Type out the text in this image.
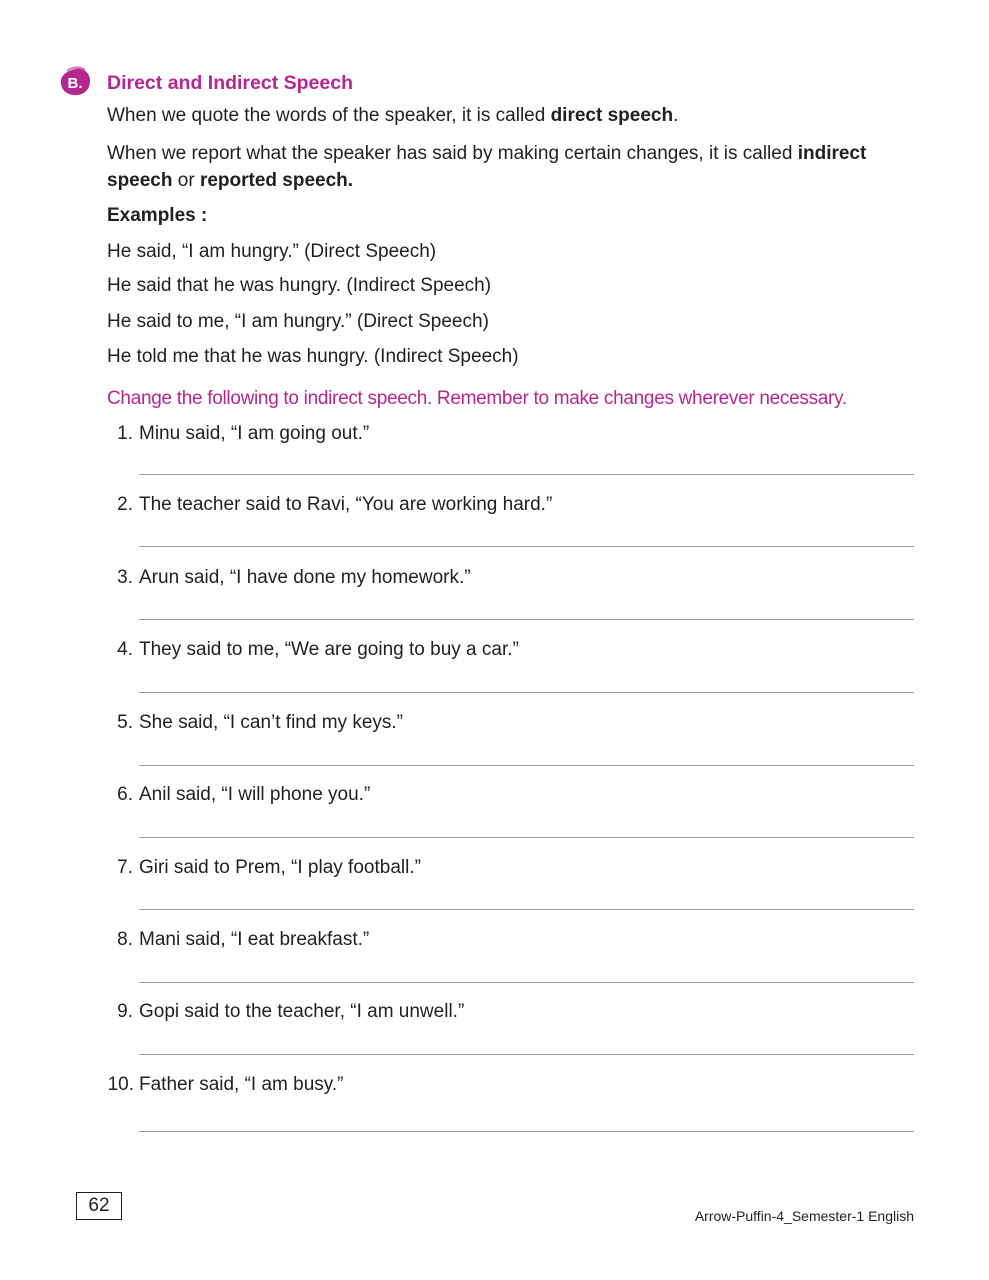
B. Direct and Indirect Speech
When we quote the words of the speaker, it is called direct speech.
When we report what the speaker has said by making certain changes, it is called indirect speech or reported speech.
Examples :
He said, “I am hungry.” (Direct Speech)
He said that he was hungry. (Indirect Speech)
He said to me, “I am hungry.” (Direct Speech)
He told me that he was hungry. (Indirect Speech)
Change the following to indirect speech. Remember to make changes wherever necessary.
1. Minu said, “I am going out.”
2. The teacher said to Ravi, “You are working hard.”
3. Arun said, “I have done my homework.”
4. They said to me, “We are going to buy a car.”
5. She said, “I can’t find my keys.”
6. Anil said, “I will phone you.”
7. Giri said to Prem, “I play football.”
8. Mani said, “I eat breakfast.”
9. Gopi said to the teacher, “I am unwell.”
10. Father said, “I am busy.”
62	Arrow-Puffin-4_Semester-1 English
